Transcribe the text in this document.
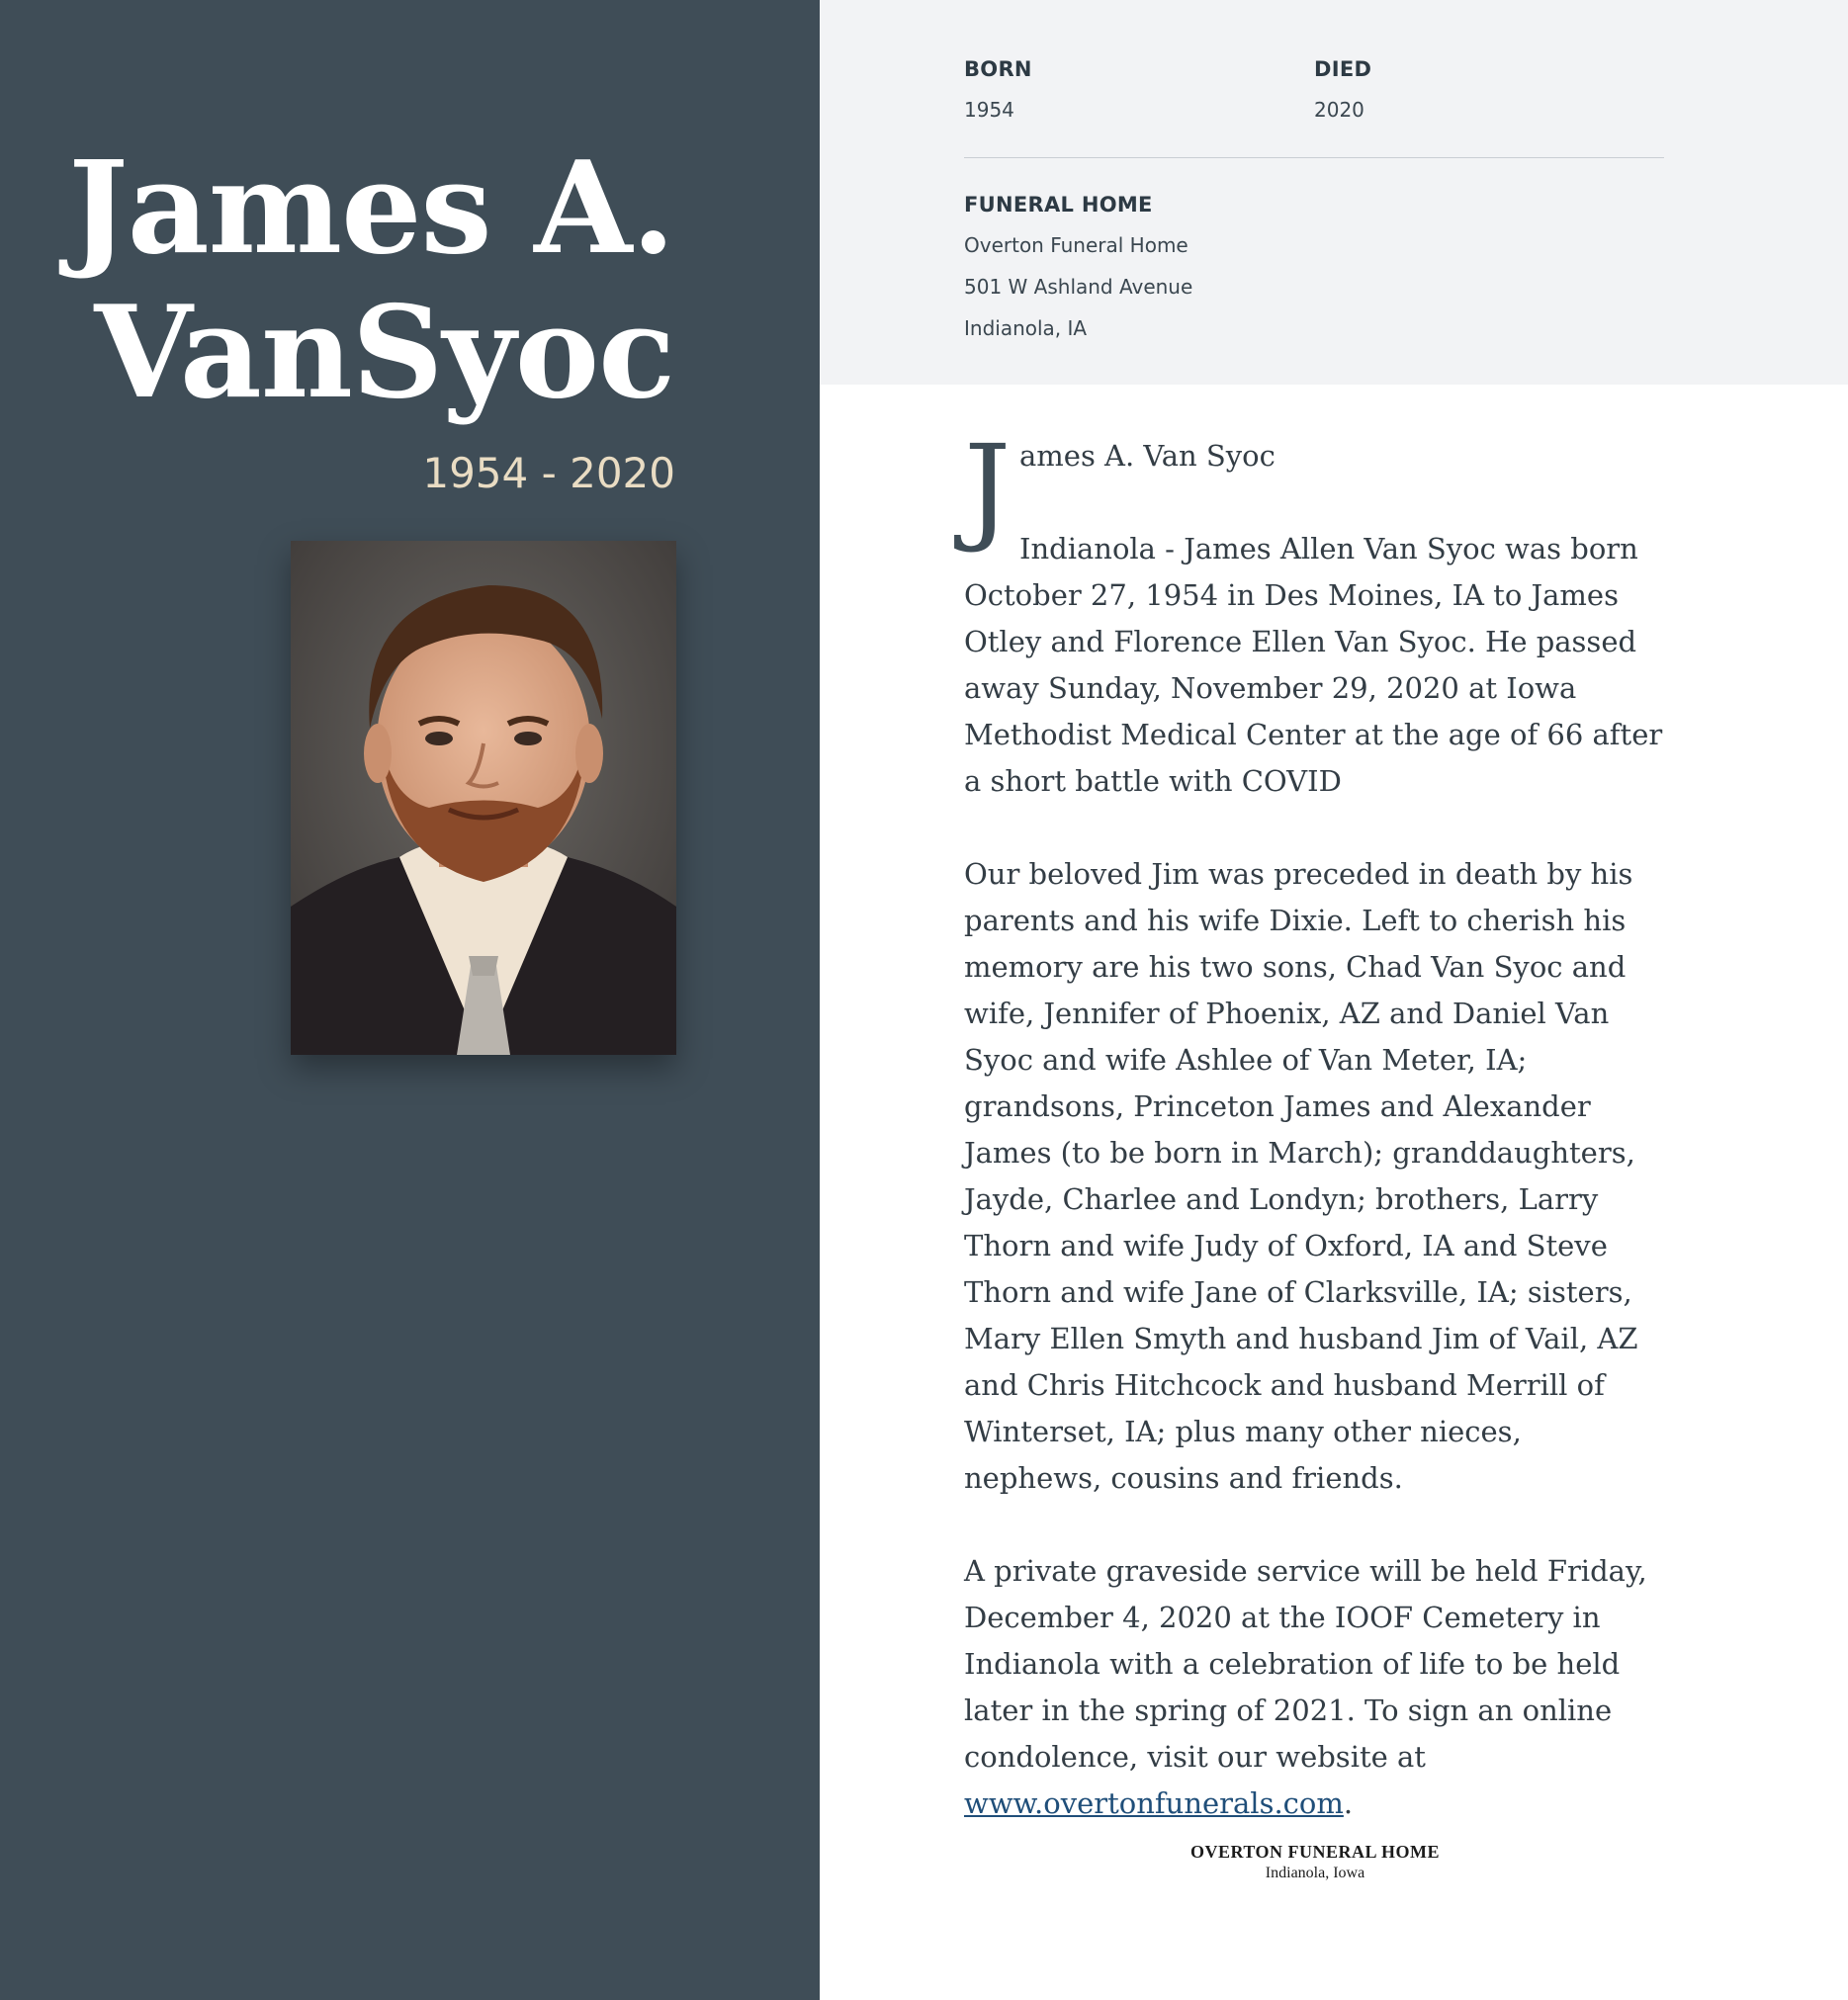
James A.
VanSyoc
1954 - 2020
BORN
1954
DIED
2020
FUNERAL HOME
Overton Funeral Home
501 W Ashland Avenue
Indianola, IA
J ames A. Van Syoc

Indianola - James Allen Van Syoc was born October 27, 1954 in Des Moines, IA to James Otley and Florence Ellen Van Syoc. He passed away Sunday, November 29, 2020 at Iowa Methodist Medical Center at the age of 66 after a short battle with COVID

Our beloved Jim was preceded in death by his parents and his wife Dixie. Left to cherish his memory are his two sons, Chad Van Syoc and wife, Jennifer of Phoenix, AZ and Daniel Van Syoc and wife Ashlee of Van Meter, IA; grandsons, Princeton James and Alexander James (to be born in March); granddaughters, Jayde, Charlee and Londyn; brothers, Larry Thorn and wife Judy of Oxford, IA and Steve Thorn and wife Jane of Clarksville, IA; sisters, Mary Ellen Smyth and husband Jim of Vail, AZ and Chris Hitchcock and husband Merrill of Winterset, IA; plus many other nieces, nephews, cousins and friends.

A private graveside service will be held Friday, December 4, 2020 at the IOOF Cemetery in Indianola with a celebration of life to be held later in the spring of 2021. To sign an online condolence, visit our website at www.overtonfunerals.com.

OVERTON FUNERAL HOME
Indianola, Iowa
